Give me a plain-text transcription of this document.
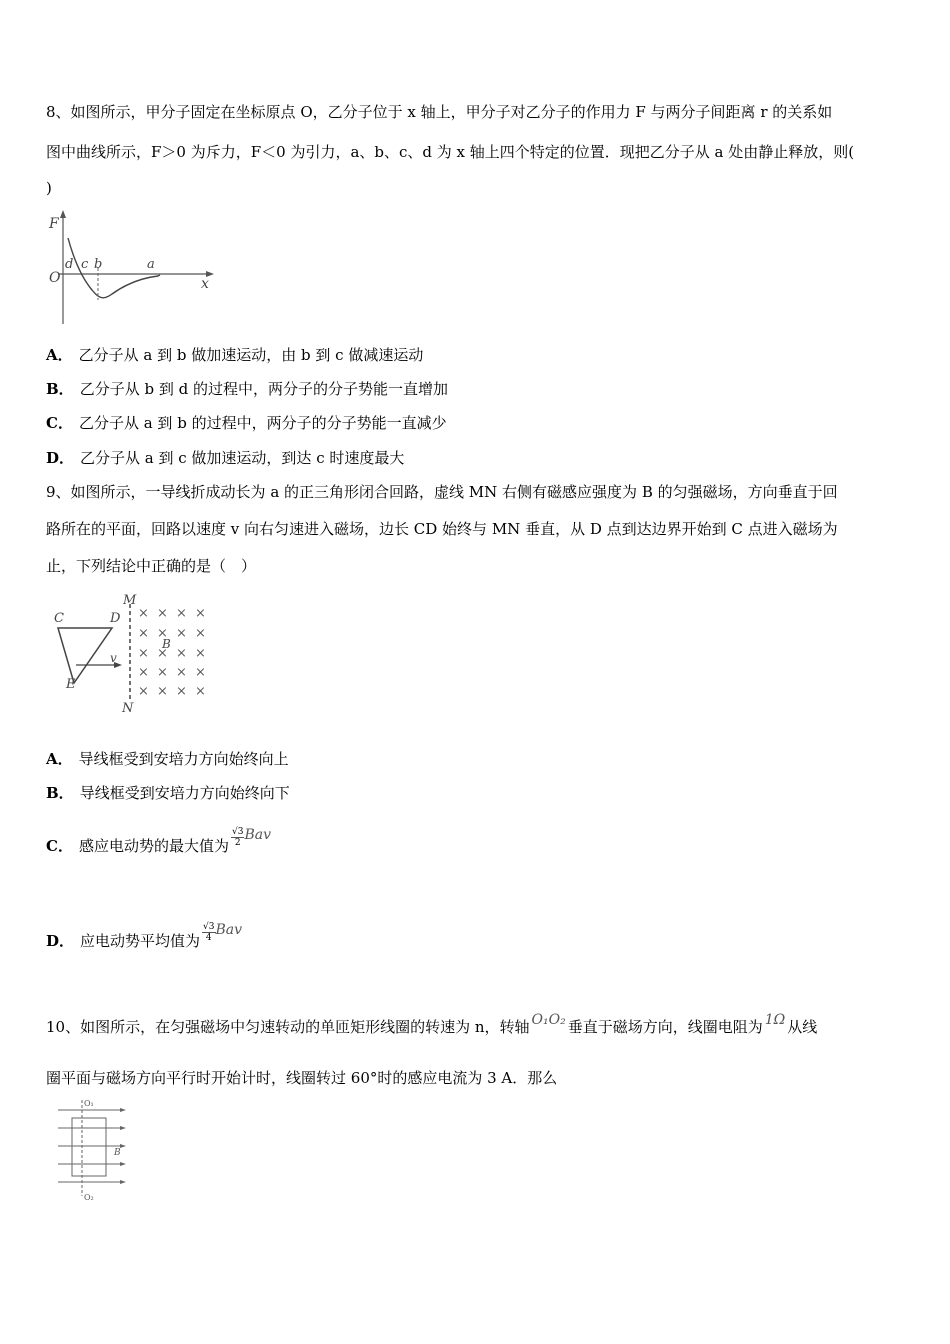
8、如图所示，甲分子固定在坐标原点 O，乙分子位于 x 轴上，甲分子对乙分子的作用力 F 与两分子间距离 r 的关系如
图中曲线所示，F＞0 为斥力，F＜0 为引力，a、b、c、d 为 x 轴上四个特定的位置．现把乙分子从 a 处由静止释放，则(
)
F
O	x
d c b	a
A． 乙分子从 a 到 b 做加速运动，由 b 到 c 做减速运动
B． 乙分子从 b 到 d 的过程中，两分子的分子势能一直增加
C． 乙分子从 a 到 b 的过程中，两分子的分子势能一直减少
D． 乙分子从 a 到 c 做加速运动，到达 c 时速度最大
9、如图所示，一导线折成动长为 a 的正三角形闭合回路，虚线 MN 右侧有磁感应强度为 B 的匀强磁场，方向垂直于回
路所在的平面，回路以速度 v 向右匀速进入磁场，边长 CD 始终与 MN 垂直，从 D 点到达边界开始到 C 点进入磁场为
止，下列结论中正确的是（　）
C	D
E
M
N
v
B
× × × ×
× × × ×
× × × ×
× × × ×
× × × ×
A． 导线框受到安培力方向始终向上
B． 导线框受到安培力方向始终向下
C． 感应电动势的最大值为 $\frac{√3}{2}$ Bav
D． 应电动势平均值为 $\frac{√3}{4}$ Bav
10、如图所示，在匀强磁场中匀速转动的单匝矩形线圈的转速为 n，转轴 O₁O₂ 垂直于磁场方向，线圈电阻为 1Ω 从线
圈平面与磁场方向平行时开始计时，线圈转过 60°时的感应电流为 3 A．那么
O₁
O₂
B
